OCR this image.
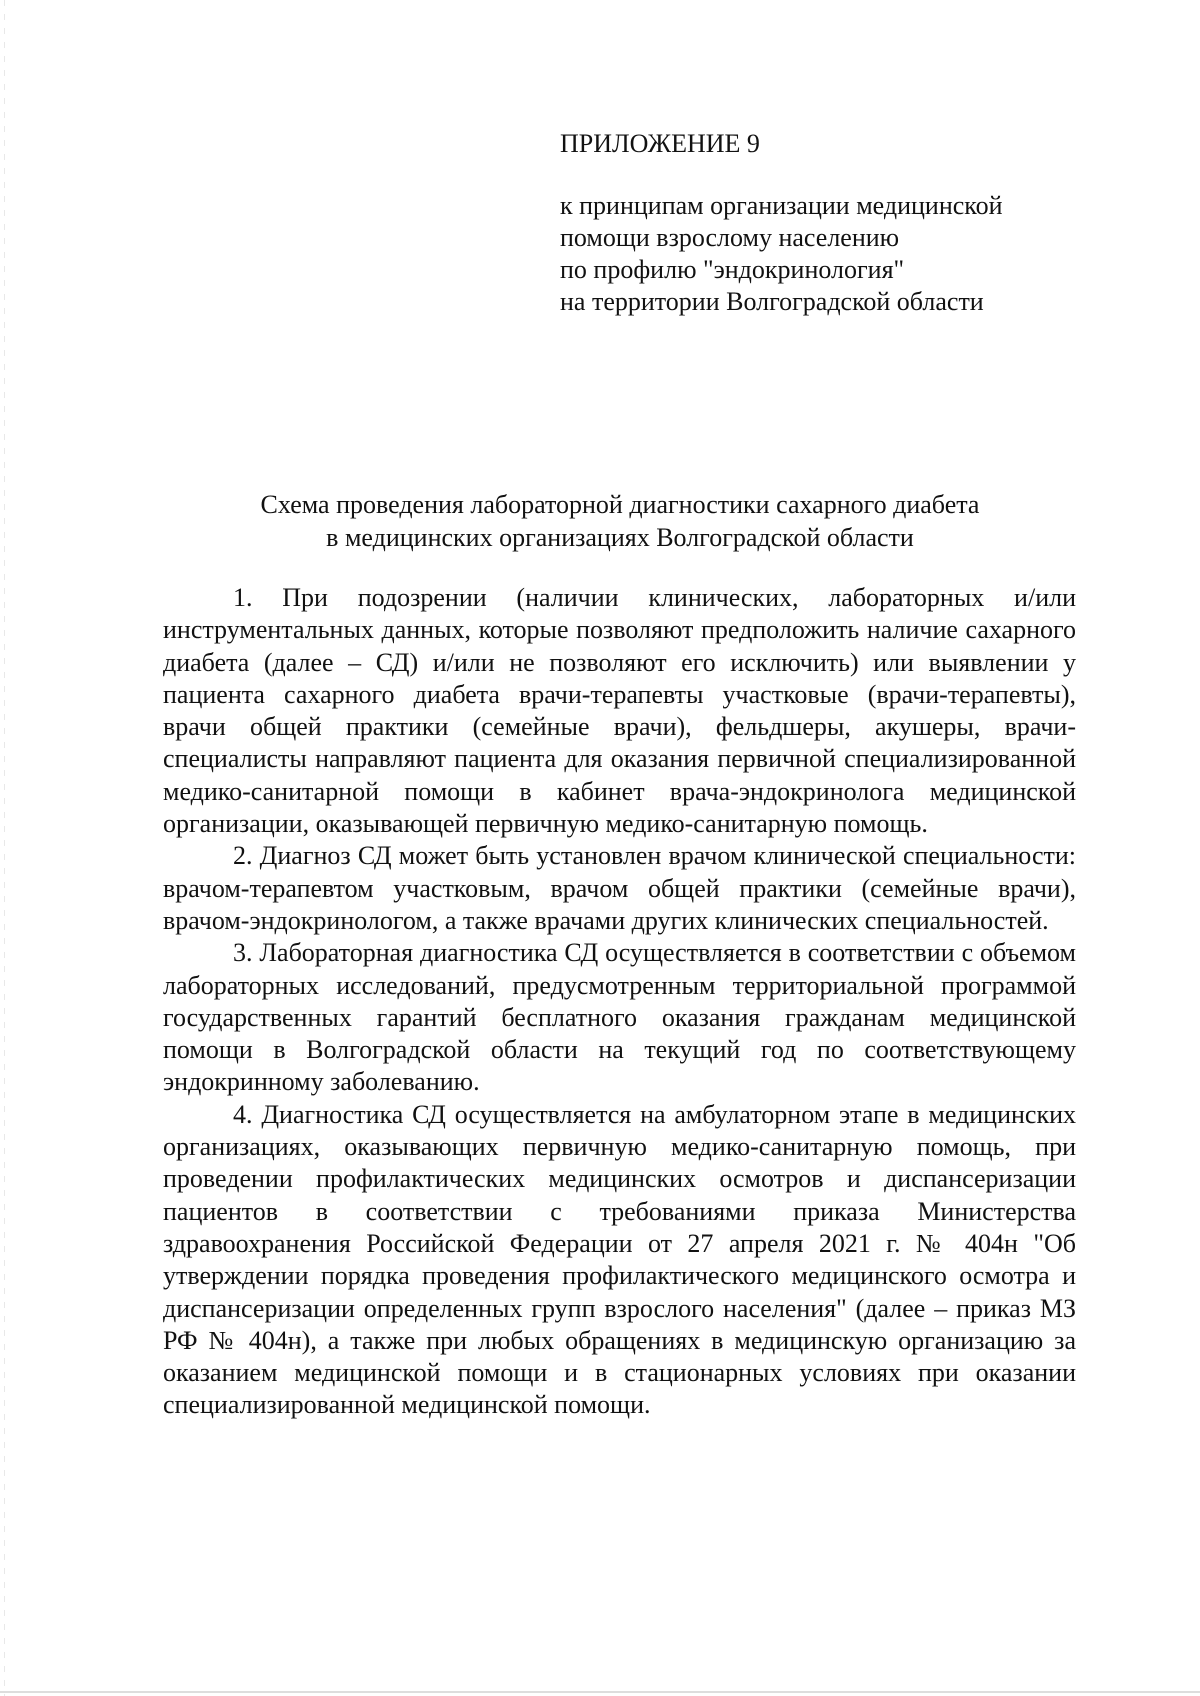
ПРИЛОЖЕНИЕ 9
к принципам организации медицинской
помощи взрослому населению
по профилю "эндокринология"
на территории Волгоградской области
Схема проведения лабораторной диагностики сахарного диабета
в медицинских организациях Волгоградской области

1. При подозрении (наличии клинических, лабораторных и/или инструментальных данных, которые позволяют предположить наличие сахарного диабета (далее – СД) и/или не позволяют его исключить) или выявлении у пациента сахарного диабета врачи-терапевты участковые (врачи-терапевты), врачи общей практики (семейные врачи), фельдшеры, акушеры, врачи-специалисты направляют пациента для оказания первичной специализированной медико-санитарной помощи в кабинет врача-эндокринолога медицинской организации, оказывающей первичную медико-санитарную помощь.

2. Диагноз СД может быть установлен врачом клинической специальности: врачом-терапевтом участковым, врачом общей практики (семейные врачи), врачом-эндокринологом, а также врачами других клинических специальностей.

3. Лабораторная диагностика СД осуществляется в соответствии с объемом лабораторных исследований, предусмотренным территориальной программой государственных гарантий бесплатного оказания гражданам медицинской помощи в Волгоградской области на текущий год по соответствующему эндокринному заболеванию.

4. Диагностика СД осуществляется на амбулаторном этапе в медицинских организациях, оказывающих первичную медико-санитарную помощь, при проведении профилактических медицинских осмотров и диспансеризации пациентов в соответствии с требованиями приказа Министерства здравоохранения Российской Федерации от 27 апреля 2021 г. № 404н "Об утверждении порядка проведения профилактического медицинского осмотра и диспансеризации определенных групп взрослого населения" (далее – приказ МЗ РФ № 404н), а также при любых обращениях в медицинскую организацию за оказанием медицинской помощи и в стационарных условиях при оказании специализированной медицинской помощи.
